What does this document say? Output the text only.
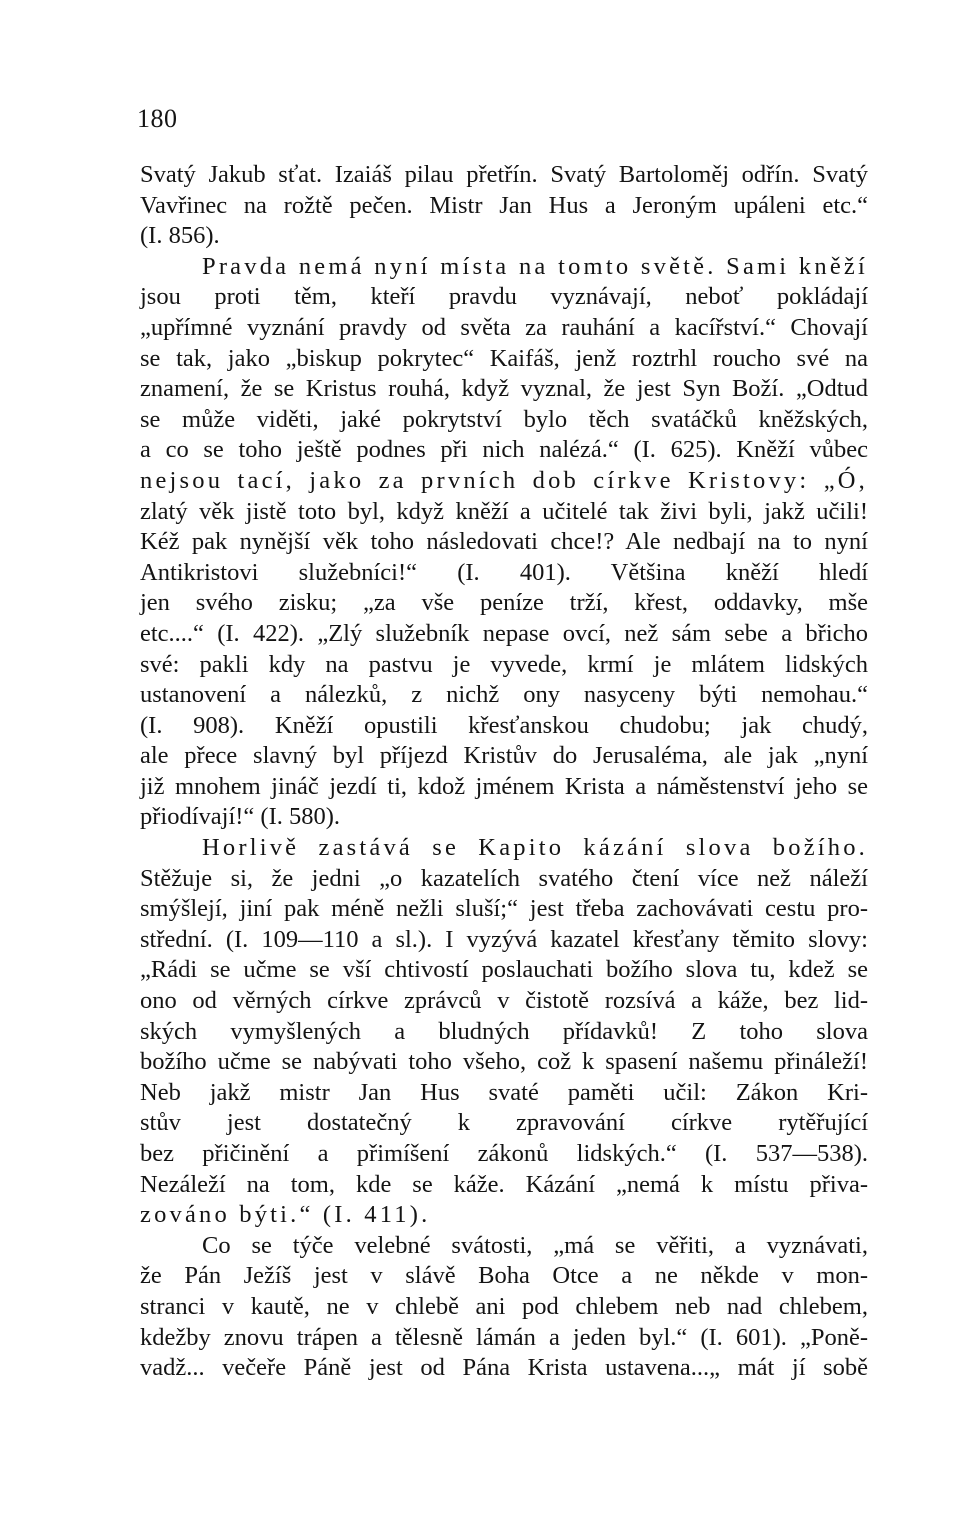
180
Svatý Jakub sťat. Izaiáš pilau přetřín. Svatý Bartoloměj odřín. Svatý
Vavřinec na rožtě pečen. Mistr Jan Hus a Jeroným upáleni etc.“
(I. 856).
Pravda nemá nyní místa na tomto světě. Sami kněží
jsou proti těm, kteří pravdu vyznávají, neboť pokládají
„upřímné vyznání pravdy od světa za rauhání a kacířství.“ Chovají
se tak, jako „biskup pokrytec“ Kaifáš, jenž roztrhl roucho své na
znamení, že se Kristus rouhá, když vyznal, že jest Syn Boží. „Odtud
se může viděti, jaké pokrytství bylo těch svatáčků kněžských,
a co se toho ještě podnes při nich nalézá.“ (I. 625). Kněží vůbec
nejsou tací, jako za prvních dob církve Kristovy: „Ó,
zlatý věk jistě toto byl, když kněží a učitelé tak živi byli, jakž učili!
Kéž pak nynější věk toho následovati chce!? Ale nedbají na to nyní
Antikristovi služebníci!“ (I. 401). Většina kněží hledí
jen svého zisku; „za vše peníze trží, křest, oddavky, mše
etc....“ (I. 422). „Zlý služebník nepase ovcí, než sám sebe a břicho
své: pakli kdy na pastvu je vyvede, krmí je mlátem lidských
ustanovení a nálezků, z nichž ony nasyceny býti nemohau.“
(I. 908). Kněží opustili křesťanskou chudobu; jak chudý,
ale přece slavný byl příjezd Kristův do Jerusaléma, ale jak „nyní
již mnohem jináč jezdí ti, kdož jménem Krista a náměstenství jeho se
přiodívají!“ (I. 580).
Horlivě zastává se Kapito kázání slova božího.
Stěžuje si, že jedni „o kazatelích svatého čtení více než náleží
smýšlejí, jiní pak méně nežli sluší;“ jest třeba zachovávati cestu pro-
střední. (I. 109—110 a sl.). I vyzývá kazatel křesťany těmito slovy:
„Rádi se učme se vší chtivostí poslauchati božího slova tu, kdež se
ono od věrných církve zprávců v čistotě rozsívá a káže, bez lid-
ských vymyšlených a bludných přídavků! Z toho slova
božího učme se nabývati toho všeho, což k spasení našemu přináleží!
Neb jakž mistr Jan Hus svaté paměti učil: Zákon Kri-
stův jest dostatečný k zpravování církve rytěřující
bez přičinění a přimíšení zákonů lidských.“ (I. 537—538).
Nezáleží na tom, kde se káže. Kázání „nemá k místu přiva-
zováno býti.“ (I. 411).
Co se týče velebné svátosti, „má se věřiti, a vyznávati,
že Pán Ježíš jest v slávě Boha Otce a ne někde v mon-
stranci v kautě, ne v chlebě ani pod chlebem neb nad chlebem,
kdežby znovu trápen a tělesně lámán a jeden byl.“ (I. 601). „Poně-
vadž... večeře Páně jest od Pána Krista ustavena...„ mát jí sobě
